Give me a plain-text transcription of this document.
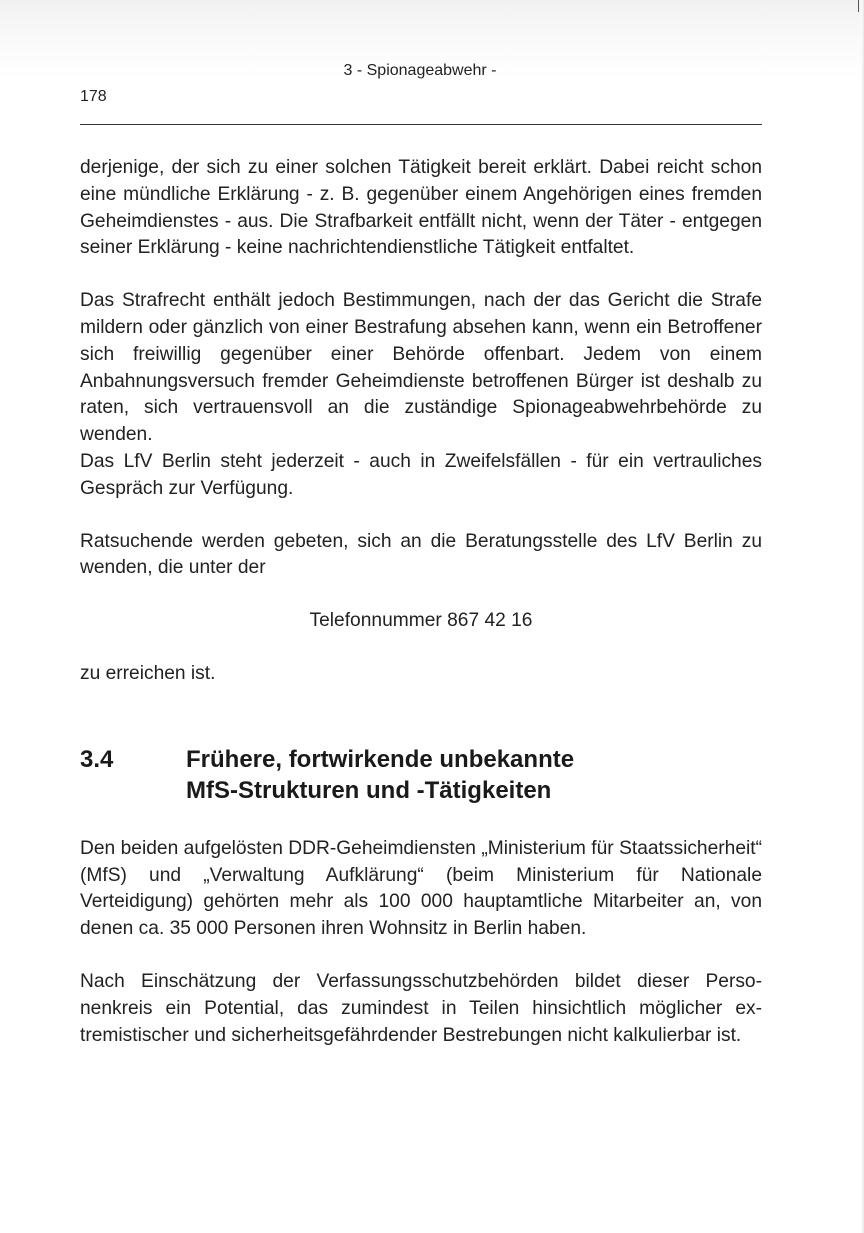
3 - Spionageabwehr -
178

derjenige, der sich zu einer solchen Tätigkeit bereit erklärt. Dabei reicht schon eine mündliche Erklärung - z. B. gegenüber einem Angehörigen eines fremden Geheimdienstes - aus. Die Strafbarkeit entfällt nicht, wenn der Täter - entgegen seiner Erklärung - keine nachrichtendienstliche Tätigkeit entfaltet.

Das Strafrecht enthält jedoch Bestimmungen, nach der das Gericht die Strafe mildern oder gänzlich von einer Bestrafung absehen kann, wenn ein Betroffener sich freiwillig gegenüber einer Behörde offenbart. Jedem von einem Anbahnungsversuch fremder Geheimdienste betroffenen Bürger ist deshalb zu raten, sich vertrauensvoll an die zuständige Spionageabwehrbehörde zu wenden.

Das LfV Berlin steht jederzeit - auch in Zweifelsfällen - für ein vertrauliches Gespräch zur Verfügung.

Ratsuchende werden gebeten, sich an die Beratungsstelle des LfV Berlin zu wenden, die unter der

Telefonnummer 867 42 16

zu erreichen ist.

3.4	Frühere, fortwirkende unbekannte
MfS-Strukturen und -Tätigkeiten

Den beiden aufgelösten DDR-Geheimdiensten „Ministerium für Staatssicherheit“ (MfS) und „Verwaltung Aufklärung“ (beim Ministerium für Nationale Verteidigung) gehörten mehr als 100 000 hauptamtliche Mitarbeiter an, von denen ca. 35 000 Personen ihren Wohnsitz in Berlin haben.

Nach Einschätzung der Verfassungsschutzbehörden bildet dieser Personenkreis ein Potential, das zumindest in Teilen hinsichtlich möglicher extremistischer und sicherheitsgefährdender Bestrebungen nicht kalkulierbar ist.
